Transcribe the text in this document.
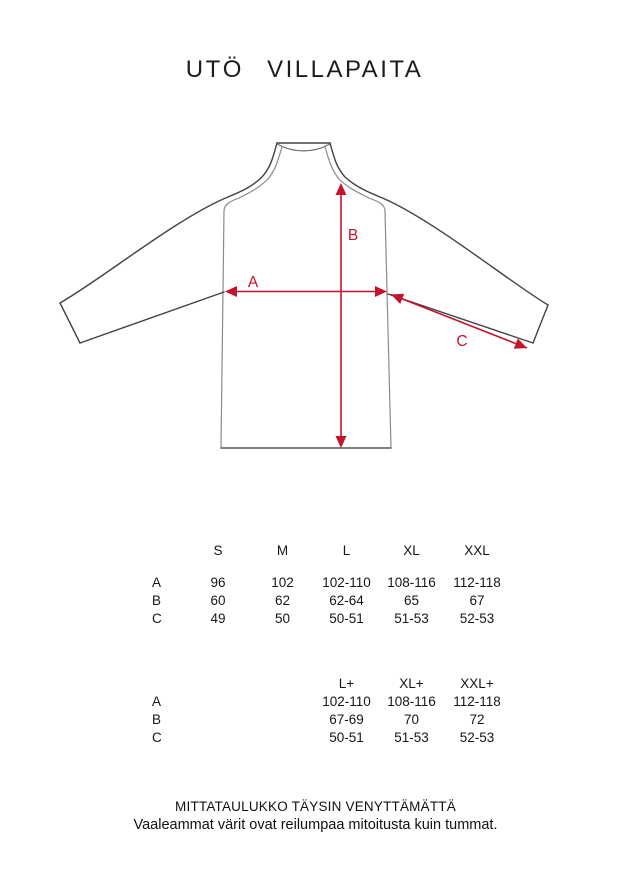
UTÖ VILLAPAITA
A
B
C
S	M	L	XL	XXL
A	96	102	102-110	108-116	112-118
B	60	62	62-64	65	67
C	49	50	50-51	51-53	52-53
L+	XL+	XXL+
A	102-110	108-116	112-118
B	67-69	70	72
C	50-51	51-53	52-53
MITTATAULUKKO TÄYSIN VENYTTÄMÄTTÄ
Vaaleammat värit ovat reilumpaa mitoitusta kuin tummat.
